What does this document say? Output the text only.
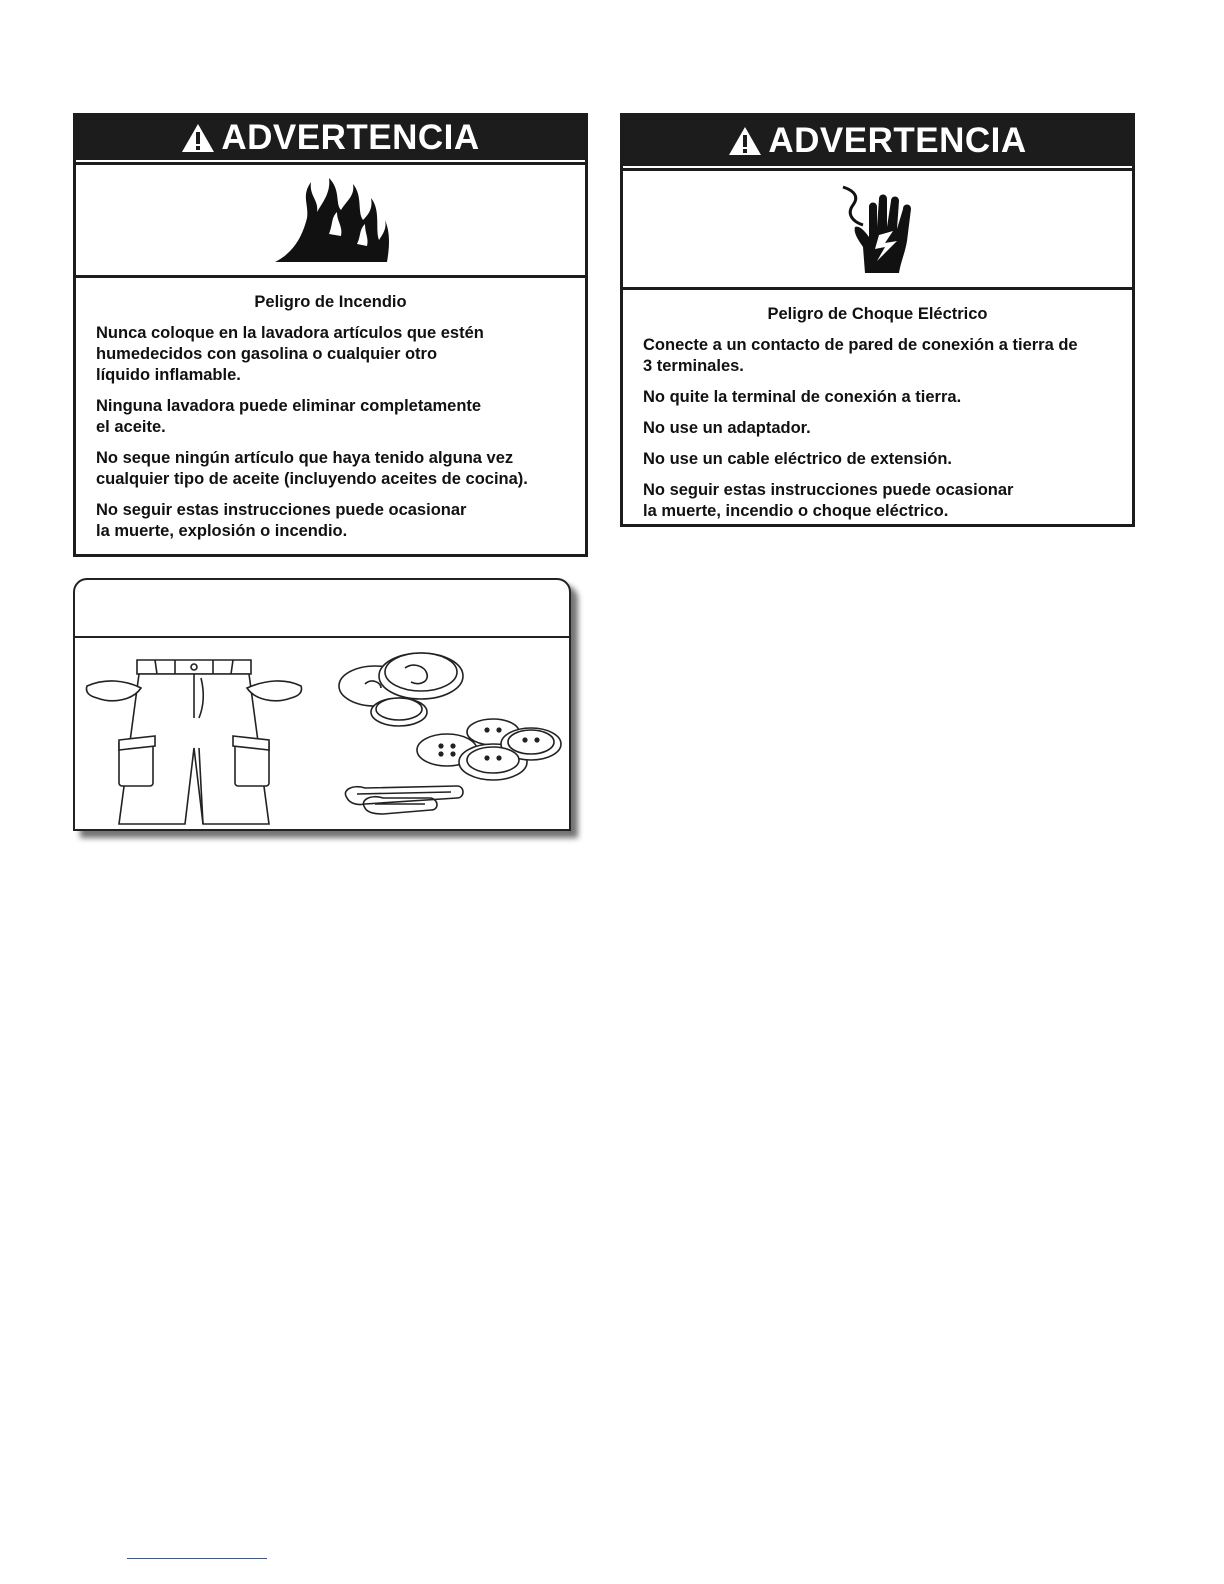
ADVERTENCIA
Peligro de Incendio

Nunca coloque en la lavadora artículos que estén
humedecidos con gasolina o cualquier otro
líquido inflamable.

Ninguna lavadora puede eliminar completamente
el aceite.

No seque ningún artículo que haya tenido alguna vez
cualquier tipo de aceite (incluyendo aceites de cocina).

No seguir estas instrucciones puede ocasionar
la muerte, explosión o incendio.

ADVERTENCIA
Peligro de Choque Eléctrico

Conecte a un contacto de pared de conexión a tierra de
3 terminales.

No quite la terminal de conexión a tierra.

No use un adaptador.

No use un cable eléctrico de extensión.

No seguir estas instrucciones puede ocasionar
la muerte, incendio o choque eléctrico.
